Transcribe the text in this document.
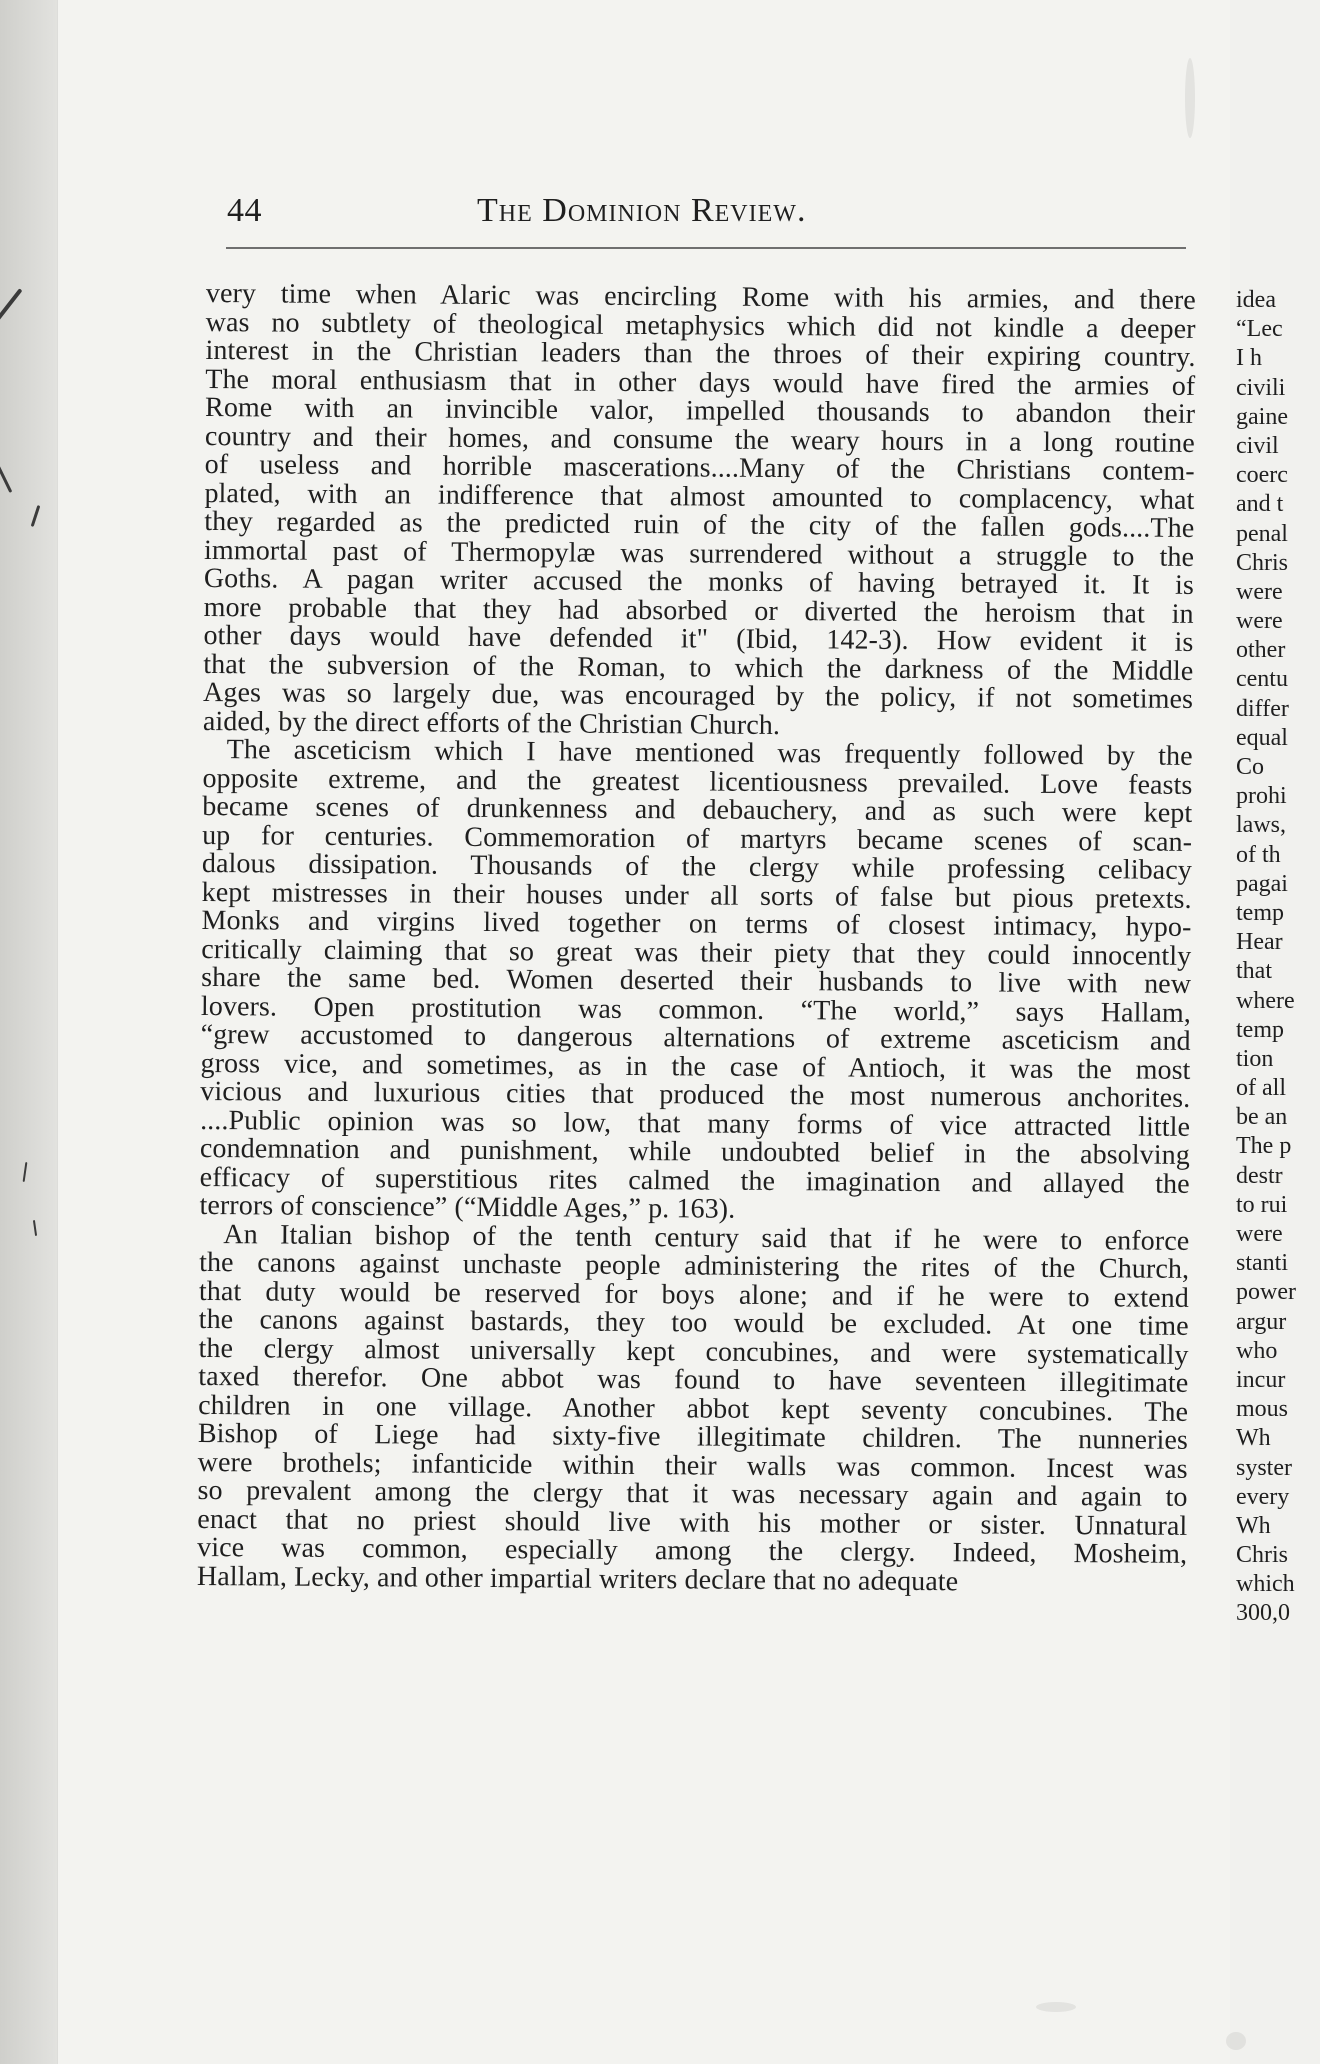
idea
“Lec
I h
civili
gaine
civil
coerc
and t
penal
Chris
were
were
other
centu
differ
equal
Co
prohi
laws,
of th
pagai
temp
Hear
that
where
temp
tion
of all
be an
The p
destr
to rui
were
stanti
power
argur
who
incur
mous
Wh
syster
every
Wh
Chris
which
300,0
44	The Dominion Review.
very time when Alaric was encircling Rome with his armies, and there
was no subtlety of theological metaphysics which did not kindle a deeper
interest in the Christian leaders than the throes of their expiring country.
The moral enthusiasm that in other days would have fired the armies of
Rome with an invincible valor, impelled thousands to abandon their
country and their homes, and consume the weary hours in a long routine
of useless and horrible mascerations....Many of the Christians contem-
plated, with an indifference that almost amounted to complacency, what
they regarded as the predicted ruin of the city of the fallen gods....The
immortal past of Thermopylæ was surrendered without a struggle to the
Goths. A pagan writer accused the monks of having betrayed it. It is
more probable that they had absorbed or diverted the heroism that in
other days would have defended it" (Ibid, 142-3). How evident it is
that the subversion of the Roman, to which the darkness of the Middle
Ages was so largely due, was encouraged by the policy, if not sometimes
aided, by the direct efforts of the Christian Church.
The asceticism which I have mentioned was frequently followed by the
opposite extreme, and the greatest licentiousness prevailed. Love feasts
became scenes of drunkenness and debauchery, and as such were kept
up for centuries. Commemoration of martyrs became scenes of scan-
dalous dissipation. Thousands of the clergy while professing celibacy
kept mistresses in their houses under all sorts of false but pious pretexts.
Monks and virgins lived together on terms of closest intimacy, hypo-
critically claiming that so great was their piety that they could innocently
share the same bed. Women deserted their husbands to live with new
lovers. Open prostitution was common. “The world,” says Hallam,
“grew accustomed to dangerous alternations of extreme asceticism and
gross vice, and sometimes, as in the case of Antioch, it was the most
vicious and luxurious cities that produced the most numerous anchorites.
....Public opinion was so low, that many forms of vice attracted little
condemnation and punishment, while undoubted belief in the absolving
efficacy of superstitious rites calmed the imagination and allayed the
terrors of conscience” (“Middle Ages,” p. 163).
An Italian bishop of the tenth century said that if he were to enforce
the canons against unchaste people administering the rites of the Church,
that duty would be reserved for boys alone; and if he were to extend
the canons against bastards, they too would be excluded. At one time
the clergy almost universally kept concubines, and were systematically
taxed therefor. One abbot was found to have seventeen illegitimate
children in one village. Another abbot kept seventy concubines. The
Bishop of Liege had sixty-five illegitimate children. The nunneries
were brothels; infanticide within their walls was common. Incest was
so prevalent among the clergy that it was necessary again and again to
enact that no priest should live with his mother or sister. Unnatural
vice was common, especially among the clergy. Indeed, Mosheim,
Hallam, Lecky, and other impartial writers declare that no adequate
